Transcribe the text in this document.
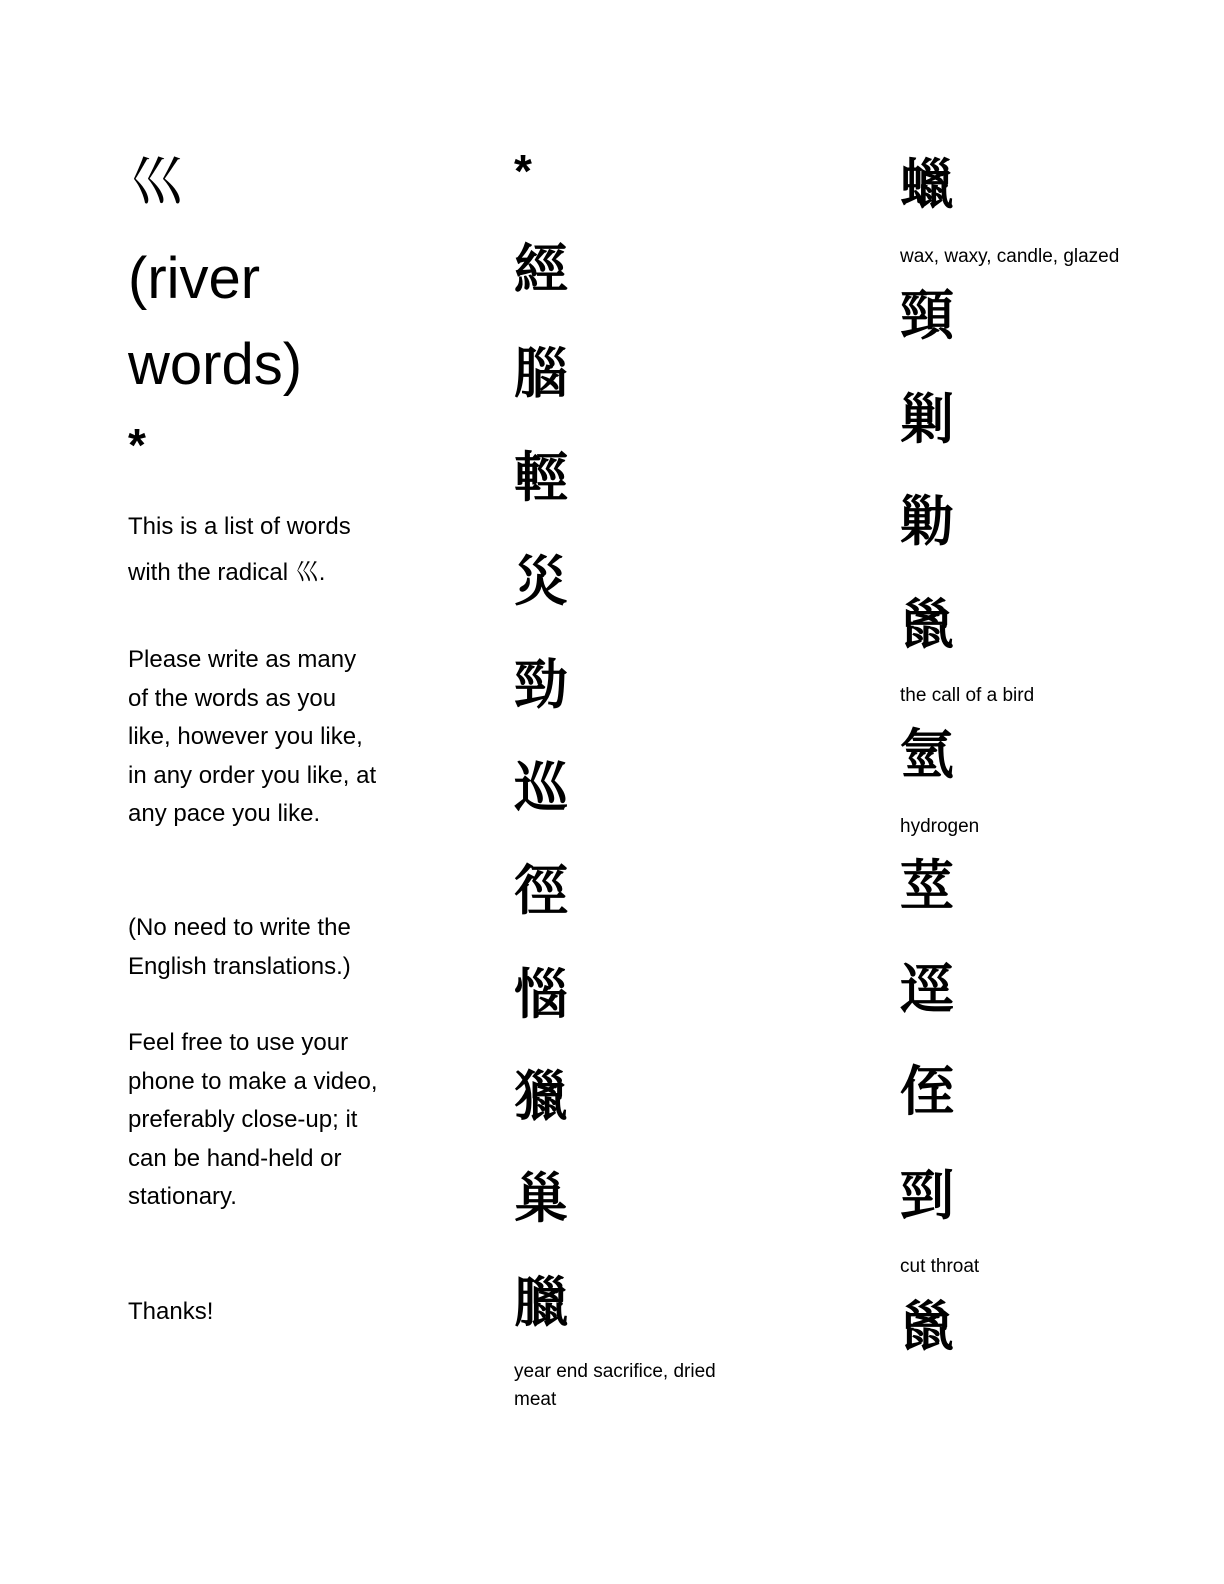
巛
(river
words)
*
This is a list of words with the radical 巛.
Please write as many of the words as you like, however you like, in any order you like, at any pace you like.
(No need to write the English translations.)
Feel free to use your phone to make a video, preferably close-up; it can be hand-held or stationary.
Thanks!
*
經
腦
輕
災
勁
巡
徑
惱
獵
巢
臘
year end sacrifice, dried meat
蠟
wax, waxy, candle, glazed
頸
剿
勦
巤
the call of a bird
氫
hydrogen
莖
逕
侄
剄
cut throat
巤
